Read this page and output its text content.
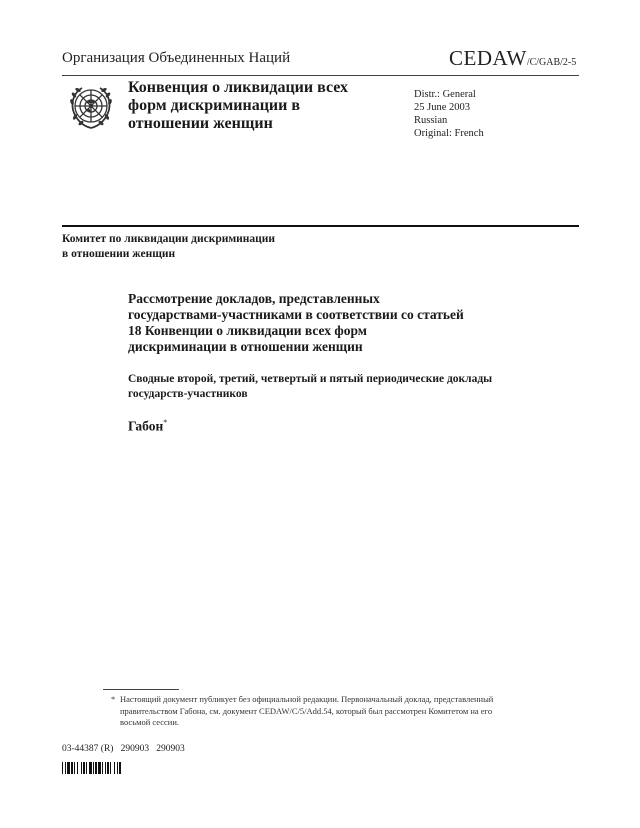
Организация Объединенных Наций	CEDAW/C/GAB/2-5
Конвенция о ликвидации всех форм дискриминации в отношении женщин
Distr.: General
25 June 2003
Russian
Original: French
Комитет по ликвидации дискриминации
в отношении женщин
Рассмотрение докладов, представленных государствами-участниками в соответствии со статьей 18 Конвенции о ликвидации всех форм дискриминации в отношении женщин
Сводные второй, третий, четвертый и пятый периодические доклады государств-участников
Габон*
* Настоящий документ публикует без официальной редакции. Первоначальный доклад, представленный правительством Габона, см. документ CEDAW/C/5/Add.54, который был рассмотрен Комитетом на его восьмой сессии.
03-44387 (R) 290903 290903
